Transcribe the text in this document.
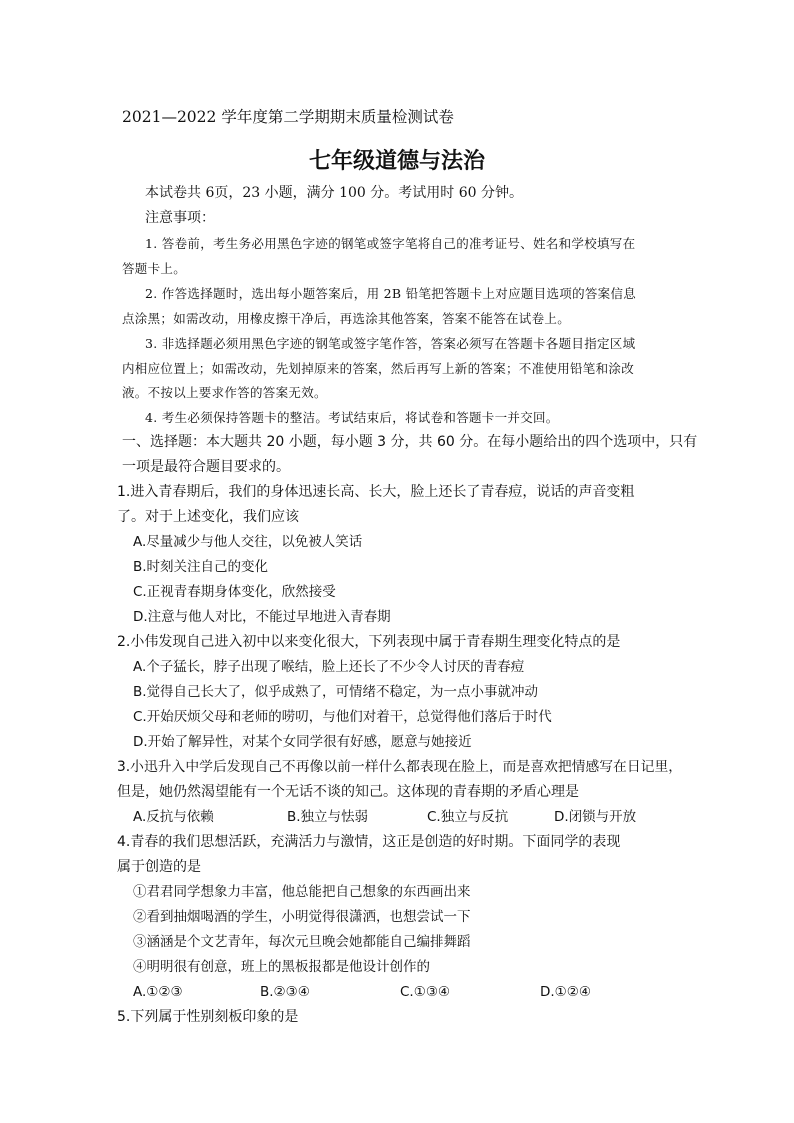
2021—2022 学年度第二学期期末质量检测试卷
七年级道德与法治
本试卷共 6页，23 小题，满分 100 分。考试用时 60 分钟。
注意事项：
1. 答卷前，考生务必用黑色字迹的钢笔或签字笔将自己的准考证号、姓名和学校填写在
答题卡上。
2. 作答选择题时，选出每小题答案后，用 2B 铅笔把答题卡上对应题目选项的答案信息
点涂黑；如需改动，用橡皮擦干净后，再选涂其他答案，答案不能答在试卷上。
3. 非选择题必须用黑色字迹的钢笔或签字笔作答，答案必须写在答题卡各题目指定区域
内相应位置上；如需改动，先划掉原来的答案，然后再写上新的答案；不准使用铅笔和涂改
液。不按以上要求作答的答案无效。
4. 考生必须保持答题卡的整洁。考试结束后，将试卷和答题卡一并交回。
一、选择题：本大题共 20 小题，每小题 3 分，共 60 分。在每小题给出的四个选项中，只有
一项是最符合题目要求的。
1.进入青春期后，我们的身体迅速长高、长大，脸上还长了青春痘，说话的声音变粗
了。对于上述变化，我们应该
A.尽量减少与他人交往，以免被人笑话
B.时刻关注自己的变化
C.正视青春期身体变化，欣然接受
D.注意与他人对比，不能过早地进入青春期
2.小伟发现自己进入初中以来变化很大，下列表现中属于青春期生理变化特点的是
A.个子猛长，脖子出现了喉结，脸上还长了不少令人讨厌的青春痘
B.觉得自己长大了，似乎成熟了，可情绪不稳定，为一点小事就冲动
C.开始厌烦父母和老师的唠叨，与他们对着干，总觉得他们落后于时代
D.开始了解异性，对某个女同学很有好感，愿意与她接近
3.小迅升入中学后发现自己不再像以前一样什么都表现在脸上，而是喜欢把情感写在日记里，
但是，她仍然渴望能有一个无话不谈的知己。这体现的青春期的矛盾心理是
A.反抗与依赖	B.独立与怯弱	C.独立与反抗	D.闭锁与开放
4.青春的我们思想活跃，充满活力与激情，这正是创造的好时期。下面同学的表现
属于创造的是
①君君同学想象力丰富，他总能把自己想象的东西画出来
②看到抽烟喝酒的学生，小明觉得很潇洒，也想尝试一下
③涵涵是个文艺青年，每次元旦晚会她都能自己编排舞蹈
④明明很有创意，班上的黑板报都是他设计创作的
A.①②③	B.②③④	C.①③④	D.①②④
5.下列属于性别刻板印象的是
